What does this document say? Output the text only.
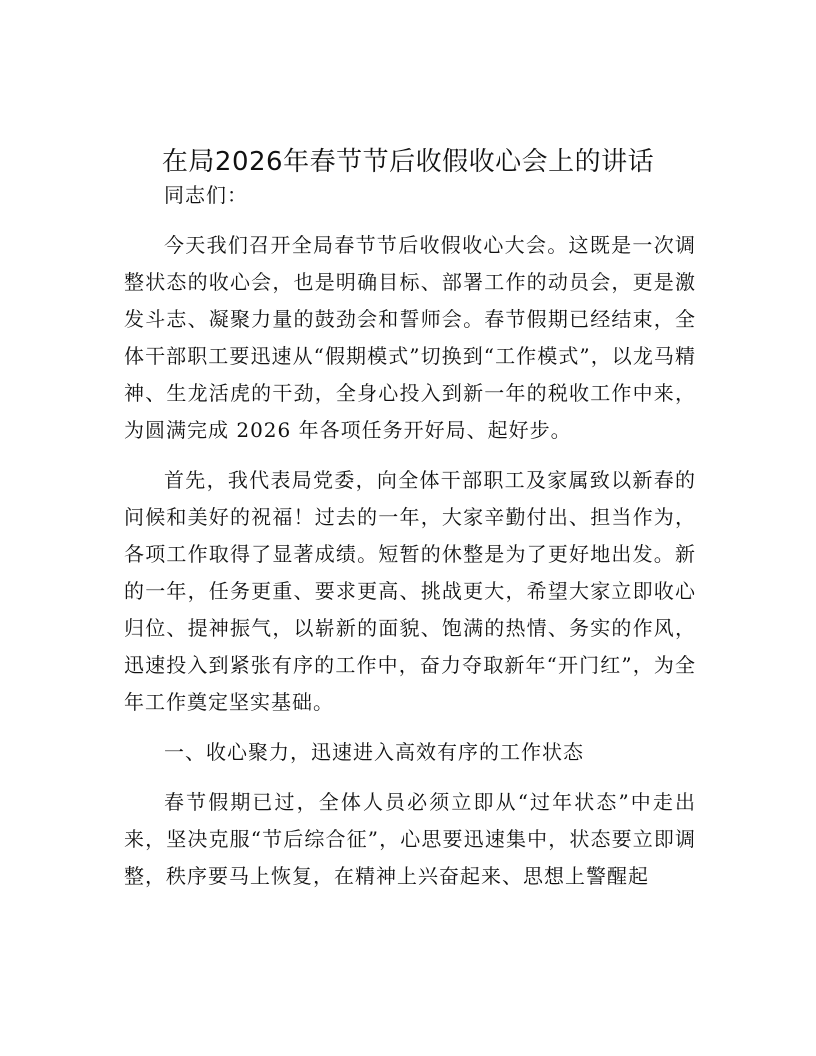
在局2026年春节节后收假收心会上的讲话

同志们：

今天我们召开全局春节节后收假收心大会。这既是一次调整状态的收心会，也是明确目标、部署工作的动员会，更是激发斗志、凝聚力量的鼓劲会和誓师会。春节假期已经结束，全体干部职工要迅速从“假期模式”切换到“工作模式”，以龙马精神、生龙活虎的干劲，全身心投入到新一年的税收工作中来，为圆满完成 2026 年各项任务开好局、起好步。

首先，我代表局党委，向全体干部职工及家属致以新春的问候和美好的祝福！过去的一年，大家辛勤付出、担当作为，各项工作取得了显著成绩。短暂的休整是为了更好地出发。新的一年，任务更重、要求更高、挑战更大，希望大家立即收心归位、提神振气，以崭新的面貌、饱满的热情、务实的作风，迅速投入到紧张有序的工作中，奋力夺取新年“开门红”，为全年工作奠定坚实基础。

一、收心聚力，迅速进入高效有序的工作状态

春节假期已过，全体人员必须立即从“过年状态”中走出来，坚决克服“节后综合征”，心思要迅速集中，状态要立即调整，秩序要马上恢复，在精神上兴奋起来、思想上警醒起
